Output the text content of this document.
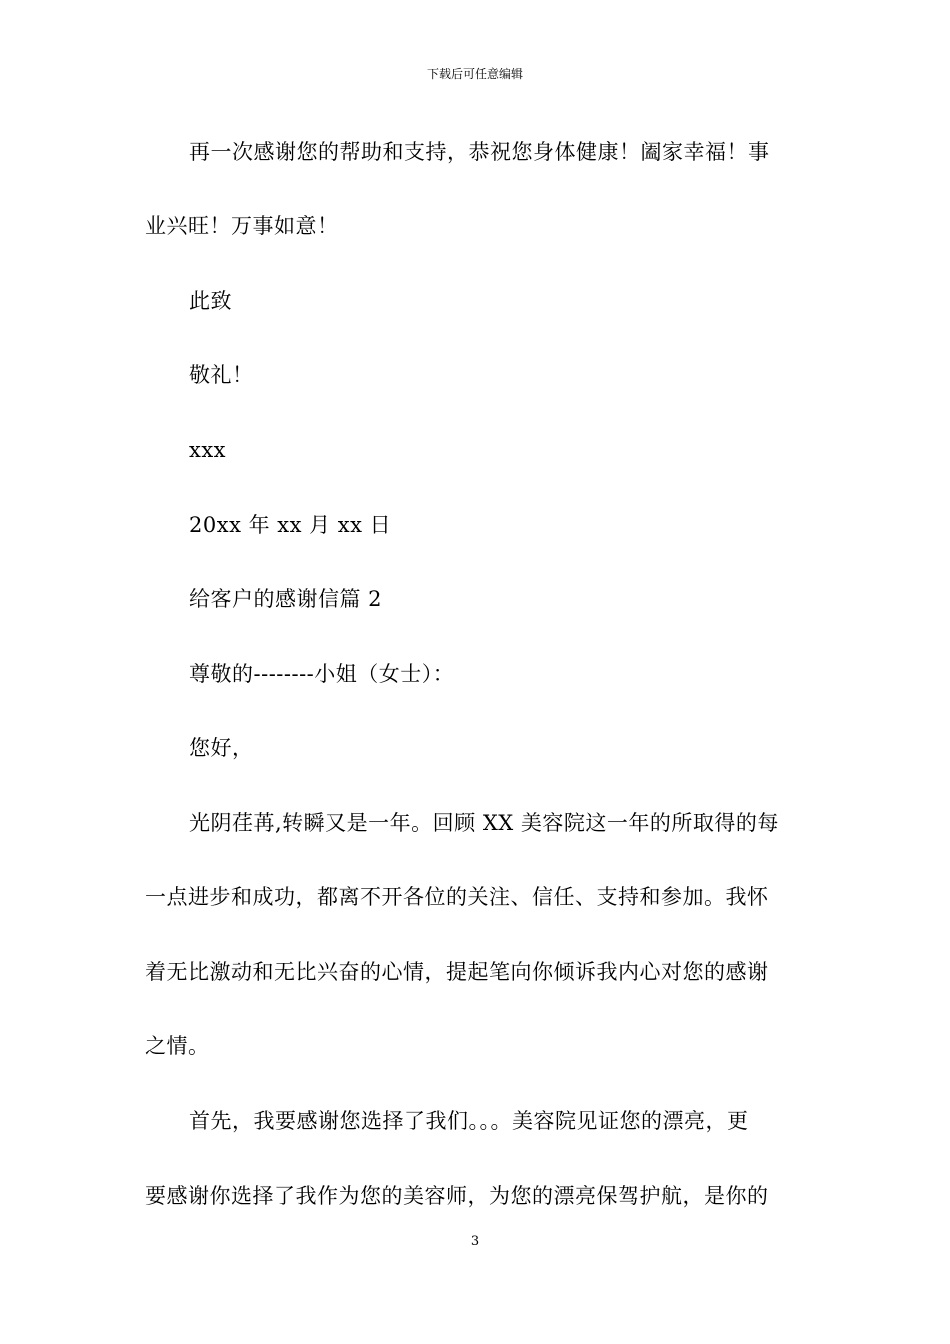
下载后可任意编辑
再一次感谢您的帮助和支持，恭祝您身体健康！阖家幸福！事
业兴旺！万事如意！
此致
敬礼！
xxx
20xx 年 xx 月 xx 日
给客户的感谢信篇 2
尊敬的--------小姐（女士）：
您好，
光阴荏苒,转瞬又是一年。回顾 XX 美容院这一年的所取得的每
一点进步和成功，都离不开各位的关注、信任、支持和参加。我怀
着无比激动和无比兴奋的心情，提起笔向你倾诉我内心对您的感谢
之情。
首先，我要感谢您选择了我们。。。美容院见证您的漂亮，更
要感谢你选择了我作为您的美容师，为您的漂亮保驾护航，是你的
3
